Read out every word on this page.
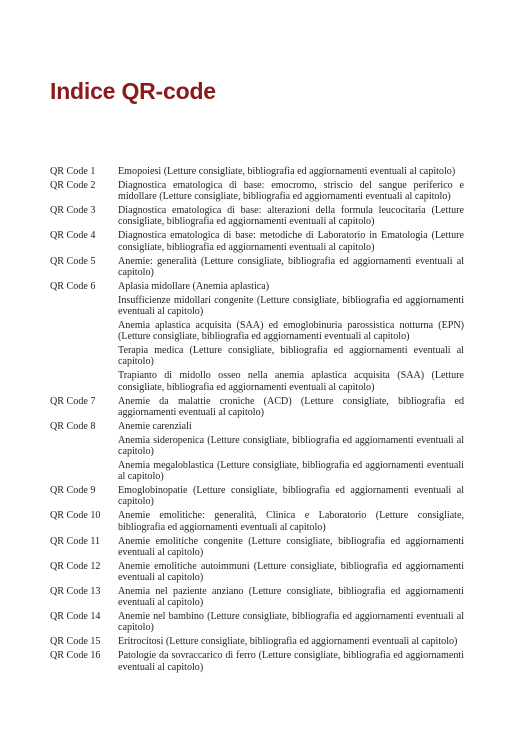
Indice QR-code
QR Code 1	Emopoiesi (Letture consigliate, bibliografia ed aggiornamenti eventuali al capitolo)
QR Code 2	Diagnostica ematologica di base: emocromo, striscio del sangue periferico e midollare (Letture consigliate, bibliografia ed aggiornamenti eventuali al capitolo)
QR Code 3	Diagnostica ematologica di base: alterazioni della formula leucocitaria (Letture consigliate, bibliografia ed aggiornamenti eventuali al capitolo)
QR Code 4	Diagnostica ematologica di base: metodiche di Laboratorio in Ematologia (Letture consigliate, bibliografia ed aggiornamenti eventuali al capitolo)
QR Code 5	Anemie: generalità (Letture consigliate, bibliografia ed aggiornamenti eventuali al capitolo)
QR Code 6	Aplasia midollare (Anemia aplastica)
Insufficienze midollari congenite (Letture consigliate, bibliografia ed aggiornamenti eventuali al capitolo)
Anemia aplastica acquisita (SAA) ed emoglobinuria parossistica notturna (EPN) (Letture consigliate, bibliografia ed aggiornamenti eventuali al capitolo)
Terapia medica (Letture consigliate, bibliografia ed aggiornamenti eventuali al capitolo)
Trapianto di midollo osseo nella anemia aplastica acquisita (SAA) (Letture consigliate, bibliografia ed aggiornamenti eventuali al capitolo)
QR Code 7	Anemie da malattie croniche (ACD) (Letture consigliate, bibliografia ed aggiornamenti eventuali al capitolo)
QR Code 8	Anemie carenziali
Anemia sideropenica (Letture consigliate, bibliografia ed aggiornamenti eventuali al capitolo)
Anemia megaloblastica (Letture consigliate, bibliografia ed aggiornamenti eventuali al capitolo)
QR Code 9	Emoglobinopatie (Letture consigliate, bibliografia ed aggiornamenti eventuali al capitolo)
QR Code 10	Anemie emolitiche: generalità, Clinica e Laboratorio (Letture consigliate, bibliografia ed aggiornamenti eventuali al capitolo)
QR Code 11	Anemie emolitiche congenite (Letture consigliate, bibliografia ed aggiornamenti eventuali al capitolo)
QR Code 12	Anemie emolitiche autoimmuni (Letture consigliate, bibliografia ed aggiornamenti eventuali al capitolo)
QR Code 13	Anemia nel paziente anziano (Letture consigliate, bibliografia ed aggiornamenti eventuali al capitolo)
QR Code 14	Anemie nel bambino (Letture consigliate, bibliografia ed aggiornamenti eventuali al capitolo)
QR Code 15	Eritrocitosi (Letture consigliate, bibliografia ed aggiornamenti eventuali al capitolo)
QR Code 16	Patologie da sovraccarico di ferro (Letture consigliate, bibliografia ed aggiornamenti eventuali al capitolo)
